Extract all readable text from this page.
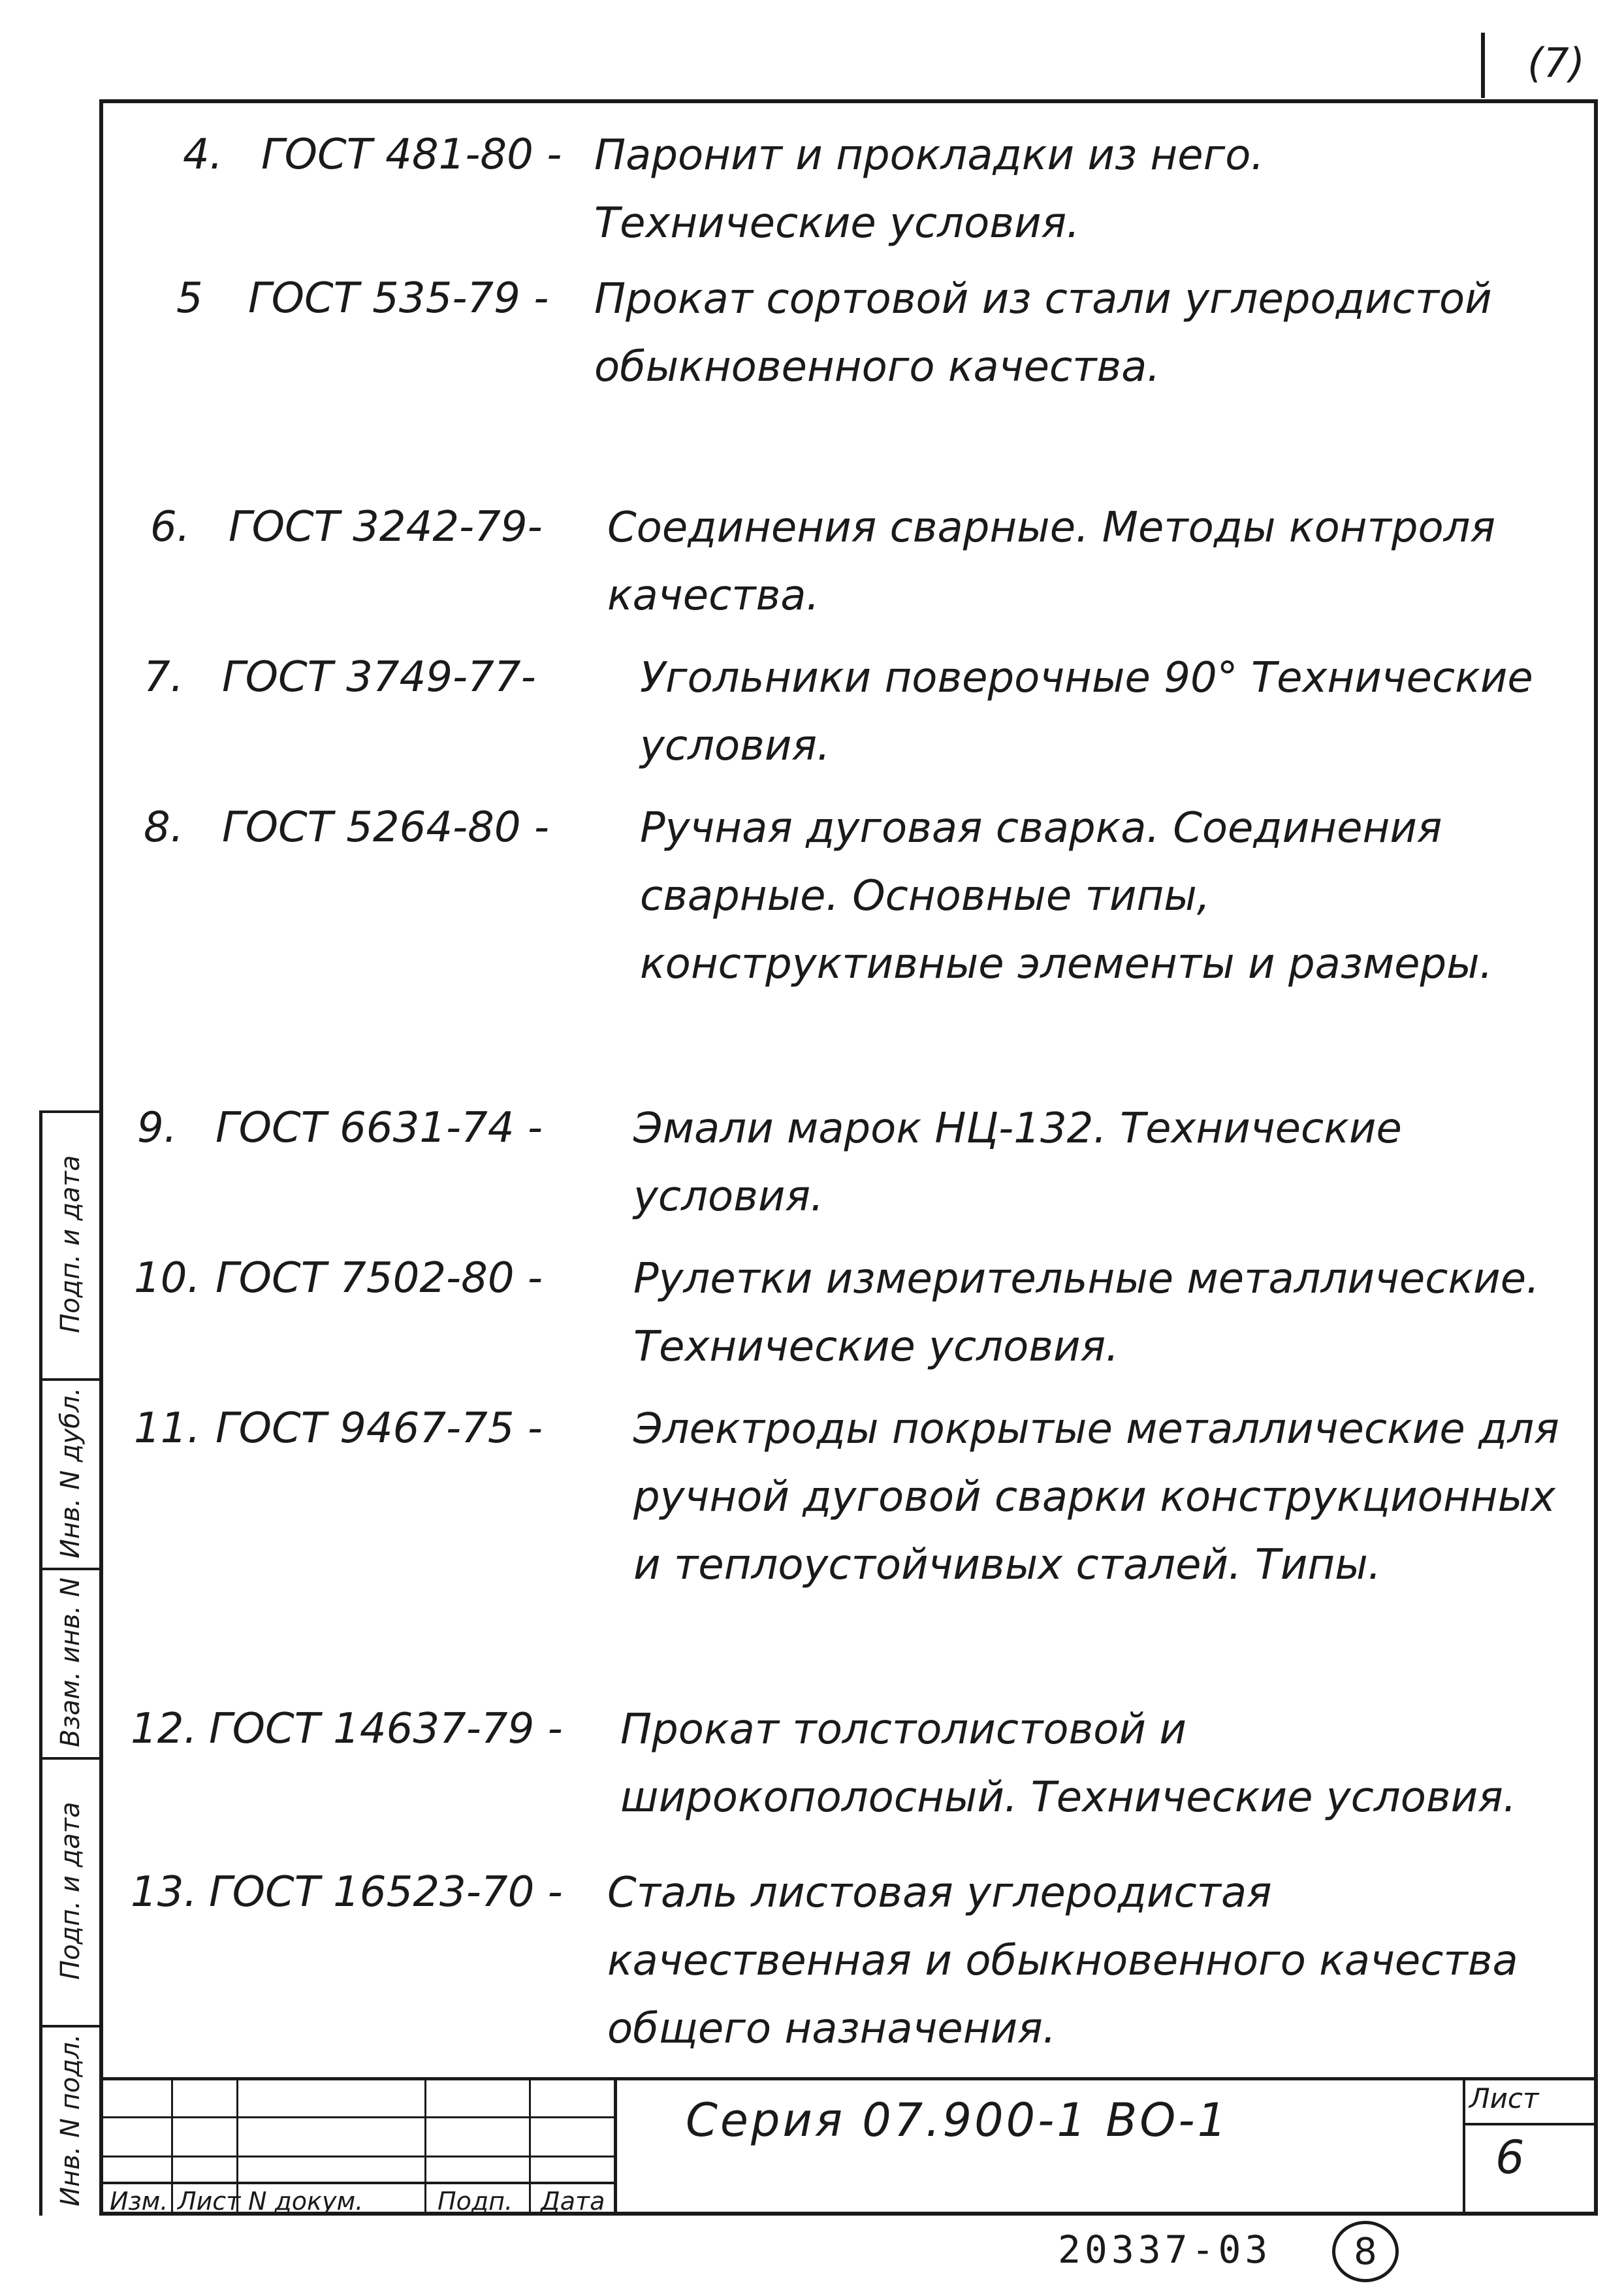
(7)
Инв. N подл.
Подп. и дата
Взам. инв. N
Инв. N дубл.
Подп. и дата
4. ГОСТ 481-80 - Паронит и прокладки из него. Технические условия.
5 ГОСТ 535-79 - Прокат сортовой из стали углеродистой обыкновенного качества.
6. ГОСТ 3242-79- Соединения сварные. Методы контроля качества.
7. ГОСТ 3749-77- Угольники поверочные 90° Технические условия.
8. ГОСТ 5264-80 - Ручная дуговая сварка. Соединения сварные. Основные типы, конструктивные элементы и размеры.
9. ГОСТ 6631-74 - Эмали марок НЦ-132. Технические условия.
10. ГОСТ 7502-80 - Рулетки измерительные металлические. Технические условия.
11. ГОСТ 9467-75 - Электроды покрытые металлические для ручной дуговой сварки конструкционных и теплоустойчивых сталей. Типы.
12. ГОСТ 14637-79 - Прокат толстолистовой и широкополосный. Технические условия.
13. ГОСТ 16523-70 - Сталь листовая углеродистая качественная и обыкновенного качества общего назначения.
Изм. Лист N докум.	Подп. Дата
Серия 07.900-1 ВО-1	Лист
6
20337-03 8
